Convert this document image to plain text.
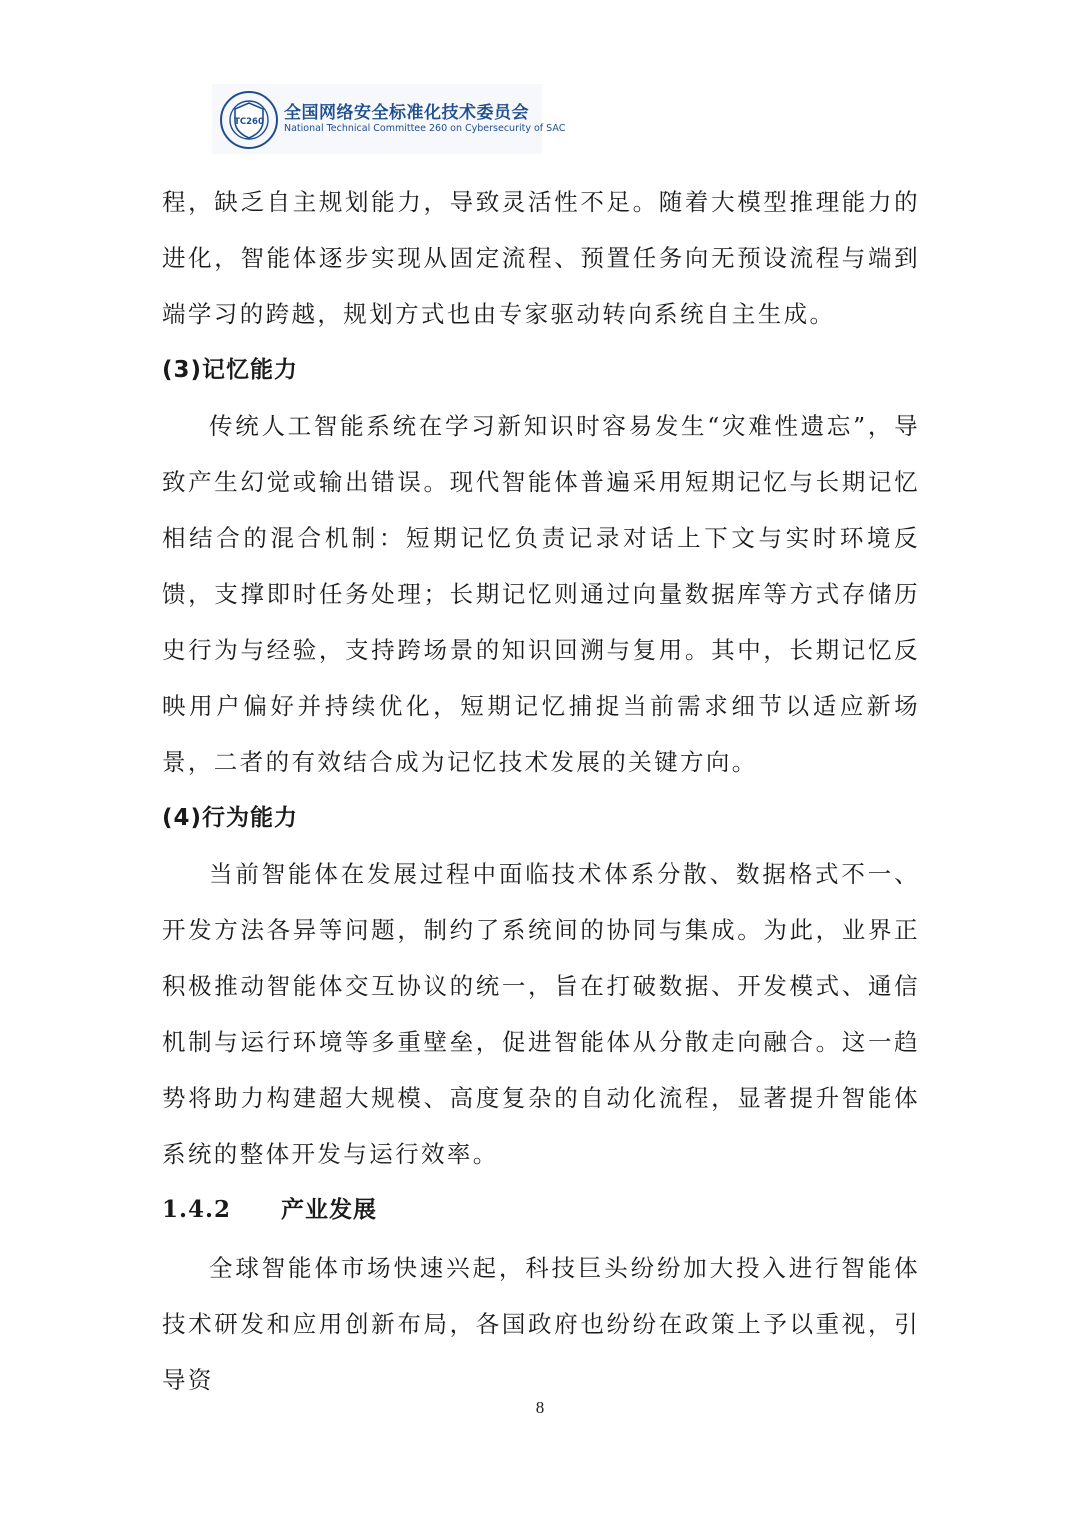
TC260 全国网络安全标准化技术委员会
National Technical Committee 260 on Cybersecurity of SAC

程，缺乏自主规划能力，导致灵活性不足。随着大模型推理能力的进化，智能体逐步实现从固定流程、预置任务向无预设流程与端到端学习的跨越，规划方式也由专家驱动转向系统自主生成。

(3)记忆能力

传统人工智能系统在学习新知识时容易发生“灾难性遗忘”，导致产生幻觉或输出错误。现代智能体普遍采用短期记忆与长期记忆相结合的混合机制：短期记忆负责记录对话上下文与实时环境反馈，支撑即时任务处理；长期记忆则通过向量数据库等方式存储历史行为与经验，支持跨场景的知识回溯与复用。其中，长期记忆反映用户偏好并持续优化，短期记忆捕捉当前需求细节以适应新场景，二者的有效结合成为记忆技术发展的关键方向。

(4)行为能力

当前智能体在发展过程中面临技术体系分散、数据格式不一、开发方法各异等问题，制约了系统间的协同与集成。为此，业界正积极推动智能体交互协议的统一，旨在打破数据、开发模式、通信机制与运行环境等多重壁垒，促进智能体从分散走向融合。这一趋势将助力构建超大规模、高度复杂的自动化流程，显著提升智能体系统的整体开发与运行效率。

1.4.2 产业发展

全球智能体市场快速兴起，科技巨头纷纷加大投入进行智能体技术研发和应用创新布局，各国政府也纷纷在政策上予以重视，引导资

8
